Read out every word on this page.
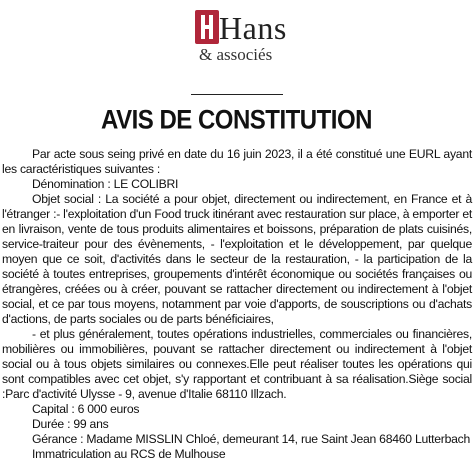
Hans
& associés
AVIS DE CONSTITUTION

Par acte sous seing privé en date du 16 juin 2023, il a été constitué une EURL ayant les caractéristiques suivantes :

Dénomination : LE COLIBRI

Objet social : La société a pour objet, directement ou indirectement, en France et à l'étranger :- l'exploitation d'un Food truck itinérant avec restauration sur place, à emporter et en livraison, vente de tous produits alimentaires et boissons, préparation de plats cuisinés, service-traiteur pour des évènements, - l'exploitation et le développement, par quelque moyen que ce soit, d'activités dans le secteur de la restauration, - la participation de la société à toutes entreprises, groupements d'intérêt économique ou sociétés françaises ou étrangères, créées ou à créer, pouvant se rattacher directement ou indirectement à l'objet social, et ce par tous moyens, notamment par voie d'apports, de souscriptions ou d'achats d'actions, de parts sociales ou de parts bénéficiaires,

- et plus généralement, toutes opérations industrielles, commerciales ou financières, mobilières ou immobilières, pouvant se rattacher directement ou indirectement à l'objet social ou à tous objets similaires ou connexes.Elle peut réaliser toutes les opérations qui sont compatibles avec cet objet, s'y rapportant et contribuant à sa réalisation.Siège social :Parc d'activité Ulysse - 9, avenue d'Italie 68110 Illzach.

Capital : 6 000 euros

Durée : 99 ans

Gérance : Madame MISSLIN Chloé, demeurant 14, rue Saint Jean 68460 Lutterbach

Immatriculation au RCS de Mulhouse
